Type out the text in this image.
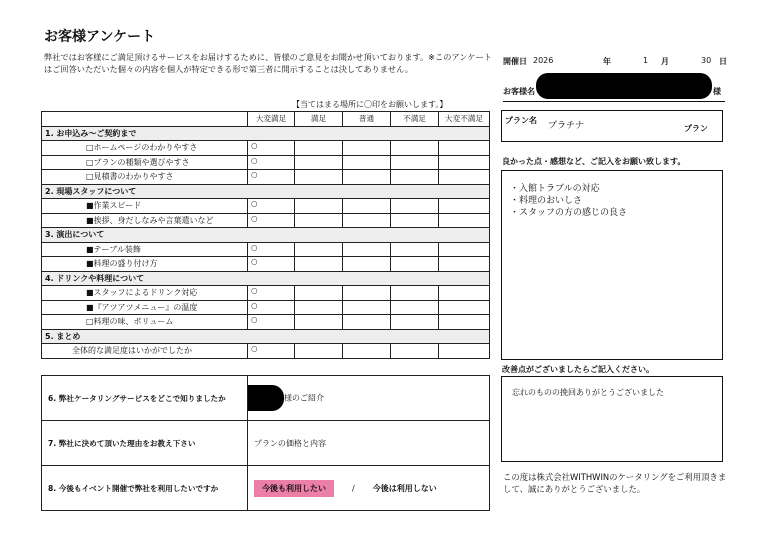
お客様アンケート
弊社ではお客様にご満足頂けるサービスをお届けするために、皆様のご意見をお聞かせ頂いております。※このアンケートはご回答いただいた個々の内容を個人が特定できる形で第三者に開示することは決してありません。
【当てはまる場所に〇印をお願いします。】
	大変満足	満足	普通	不満足	大変不満足
1. お申込み～ご契約まで					
□ホームページのわかりやすさ	○				
□プランの種類や選びやすさ	○				
□見積書のわかりやすさ	○				
2. 現場スタッフについて					
■作業スピード	○				
■挨拶、身だしなみや言葉遣いなど	○				
3. 演出について					
■テーブル装飾	○				
■料理の盛り付け方	○				
4. ドリンクや料理について					
■スタッフによるドリンク対応	○				
■『アツアツメニュー』の温度	○				
□料理の味、ボリューム	○				
5. まとめ					
全体的な満足度はいかがでしたか	○				
6. 弊社ケータリングサービスをどこで知りましたか	様のご紹介
7. 弊社に決めて頂いた理由をお教え下さい	プランの価格と内容
8. 今後もイベント開催で弊社を利用したいですか	今後も利用したい / 今後は利用しない
開催日 2026	年	1 月	30 日
お客様名	様
プラン名
プラチナ	プラン
良かった点・感想など、ご記入をお願い致します。
・入館トラブルの対応
・料理のおいしさ
・スタッフの方の感じの良さ
改善点がございましたらご記入ください。
忘れのものの挽回ありがとうございました
この度は株式会社WITHWINのケータリングをご利用頂きまして、誠にありがとうございました。
